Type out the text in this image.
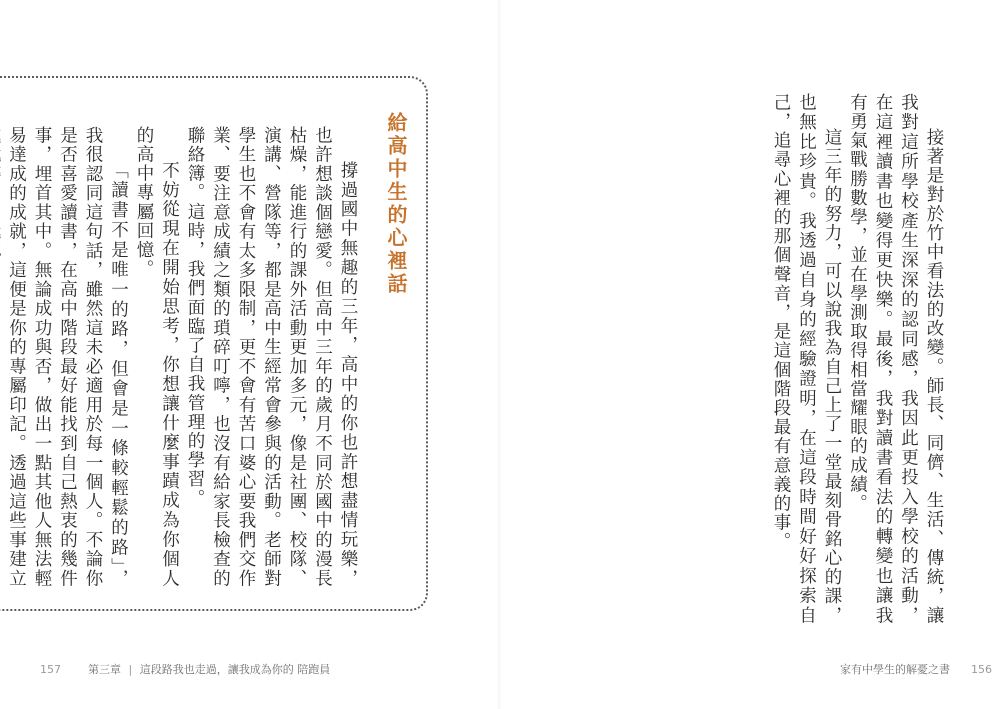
給高中生的心裡話

撐過國中無趣的三年，高中的你也許想盡情玩樂，也許想談個戀愛。但高中三年的歲月不同於國中的漫長枯燥，能進行的課外活動更加多元，像是社團、校隊、演講、營隊等，都是高中生經常會參與的活動。老師對學生也不會有太多限制，更不會有苦口婆心要我們交作業、要注意成績之類的瑣碎叮嚀，也沒有給家長檢查的聯絡簿。這時，我們面臨了自我管理的學習。

不妨從現在開始思考，你想讓什麼事蹟成為你個人的高中專屬回憶。

「讀書不是唯一的路，但會是一條較輕鬆的路」，我很認同這句話，雖然這未必適用於每一個人。不論你是否喜愛讀書，在高中階段最好能找到自己熱衷的幾件事，埋首其中。無論成功與否，做出一點其他人無法輕易達成的成就，這便是你的專屬印記。透過這些事建立

157 第三章 | 這段路我也走過，讓我成為你的 陪跑員

接著是對於竹中看法的改變。師長、同儕、生活、傳統，讓我對這所學校產生深深的認同感，我因此更投入學校的活動，在這裡讀書也變得更快樂。最後，我對讀書看法的轉變也讓我有勇氣戰勝數學，並在學測取得相當耀眼的成績。

這三年的努力，可以說我為自己上了一堂最刻骨銘心的課，也無比珍貴。我透過自身的經驗證明，在這段時間好好探索自己，追尋心裡的那個聲音，是這個階段最有意義的事。

家有中學生的解憂之書 156
